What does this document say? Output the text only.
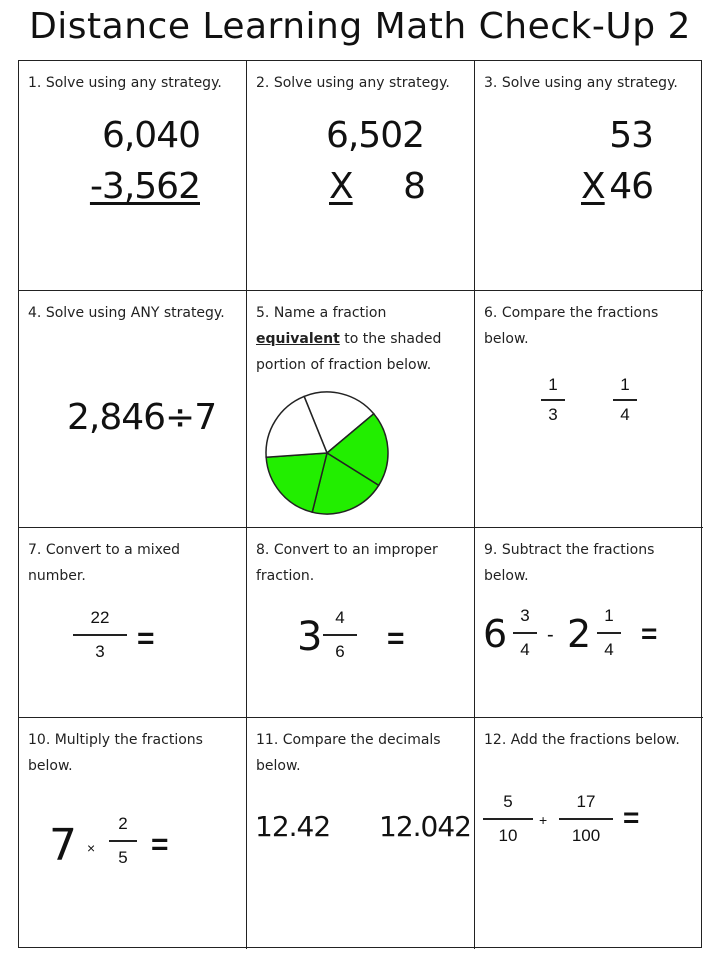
Distance Learning Math Check-Up 2
1. Solve using any strategy.
6,040
-3,562
2. Solve using any strategy.
6,502
X 8
3. Solve using any strategy.
53
X 46
4. Solve using ANY strategy.
2,846÷7
5. Name a fraction equivalent to the shaded portion of fraction below.
6. Compare the fractions below.
1
3
1
4
7. Convert to a mixed number.
22
3	=
8. Convert to an improper fraction.
3 4
6	=
9. Subtract the fractions below.
6 3
4
- 2 1
4 =
10. Multiply the fractions below.
7 ×
2
5 =
11. Compare the decimals below.
12.42 12.042
12. Add the fractions below.
5
10
+
17
100
=
